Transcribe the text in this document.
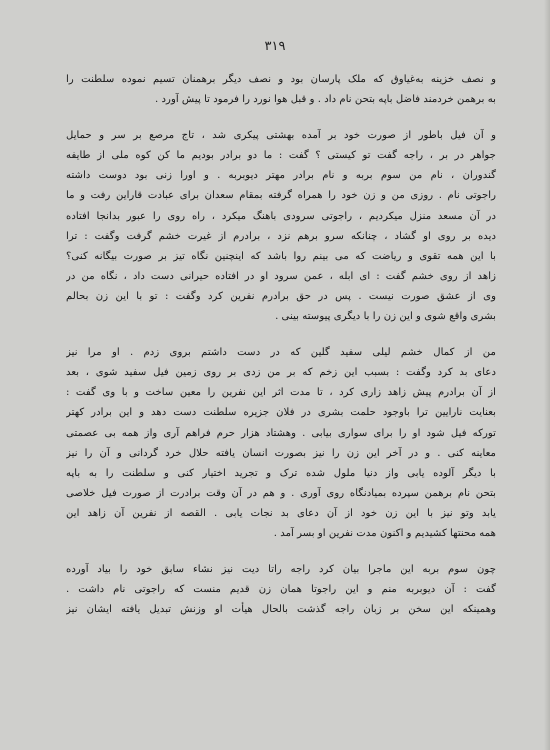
۳۱۹
و نصف خزینه به‌غیاوق که ملک پارسان بود و نصف دیگر برهمنان تسیم نموده سلطنت را
به برهمن خردمند فاضل باپه بتحن نام داد . و قبل هوا نورد را فرمود تا پیش آورد .
و آن فیل باطور از صورت خود بر آمده بهشتی پیکری شد ، تاج مرصع بر سر و حمایل
جواهر در بر ، راجه گفت تو کیستی ؟ گفت : ما دو برادر بودیم ما کن کوه ملی از طایفه
گندوران ، نام من سوم بربه و نام برادر مهتر دیوبربه . و اورا زنی بود دوست داشته
راجوتی نام . روزی من و زن خود را همراه گرفته بمقام سعدان برای عبادت قاراین رفت و ما
در آن مسعد منزل میکردیم ، راجوتی سرودی باهنگ میکرد ، راه روی را عبور بدانجا افتاده
دیده بر روی او گشاد ، چنانکه سرو برهم نزد ، برادرم از غیرت خشم گرفت وگفت : ترا
با این همه تقوی و ریاضت که می بینم روا باشد که اینچنین نگاه تیز بر صورت بیگانه کنی؟
زاهد از روی خشم گفت : ای ابله ، عمن سرود او در افتاده حیرانی دست داد ، نگاه من در
وی از عشق صورت نیست . پس در حق برادرم نفرین کرد وگفت : تو با این زن بحالم
بشری واقع شوی و این زن را با دیگری پیوسته بینی .
من از کمال خشم لیلی سفید گلین که در دست داشتم بروی زدم . او مرا نیز
دعای بد کرد وگفت : بسبب این زخم که بر من زدی بر روی زمین فیل سفید شوی ، بعد
از آن برادرم پیش زاهد زاری کرد ، تا مدت اثر این نفرین را معین ساخت و با وی گفت :
بعنایت نارایین ترا باوجود حلمت بشری در فلان جزیره سلطنت دست دهد و این برادر کهتر
تورکه فیل شود او را برای سواری بیابی . وهشتاد هزار حرم فراهم آری واز همه بی عصمتی
معاینه کنی . و در آخر این زن را نیز بصورت انسان یافته حلال خرد گردانی و آن را نیز
با دیگر آلوده یابی واز دنیا ملول شده ترک و تجرید اختیار کنی و سلطنت را به باپه
بتحن نام برهمن سپرده بمیادنگاه روی آوری . و هم در آن وقت برادرت از صورت فیل خلاصی
یابد وتو نیز با این زن خود از آن دعای بد نجات یابی . القصه از نفرین آن زاهد این
همه محنتها کشیدیم و اکنون مدت نفرین او بسر آمد .
چون سوم بربه این ماجرا بیان کرد راجه راتا دیت نیز نشاء سابق خود را بیاد آورده
گفت : آن دیوبربه منم و این راجوتا همان زن قدیم منست که راجوتی نام داشت .
وهمینکه این سخن بر زبان راجه گذشت بالحال هیأت او وزنش تبدیل یافته ایشان نیز
